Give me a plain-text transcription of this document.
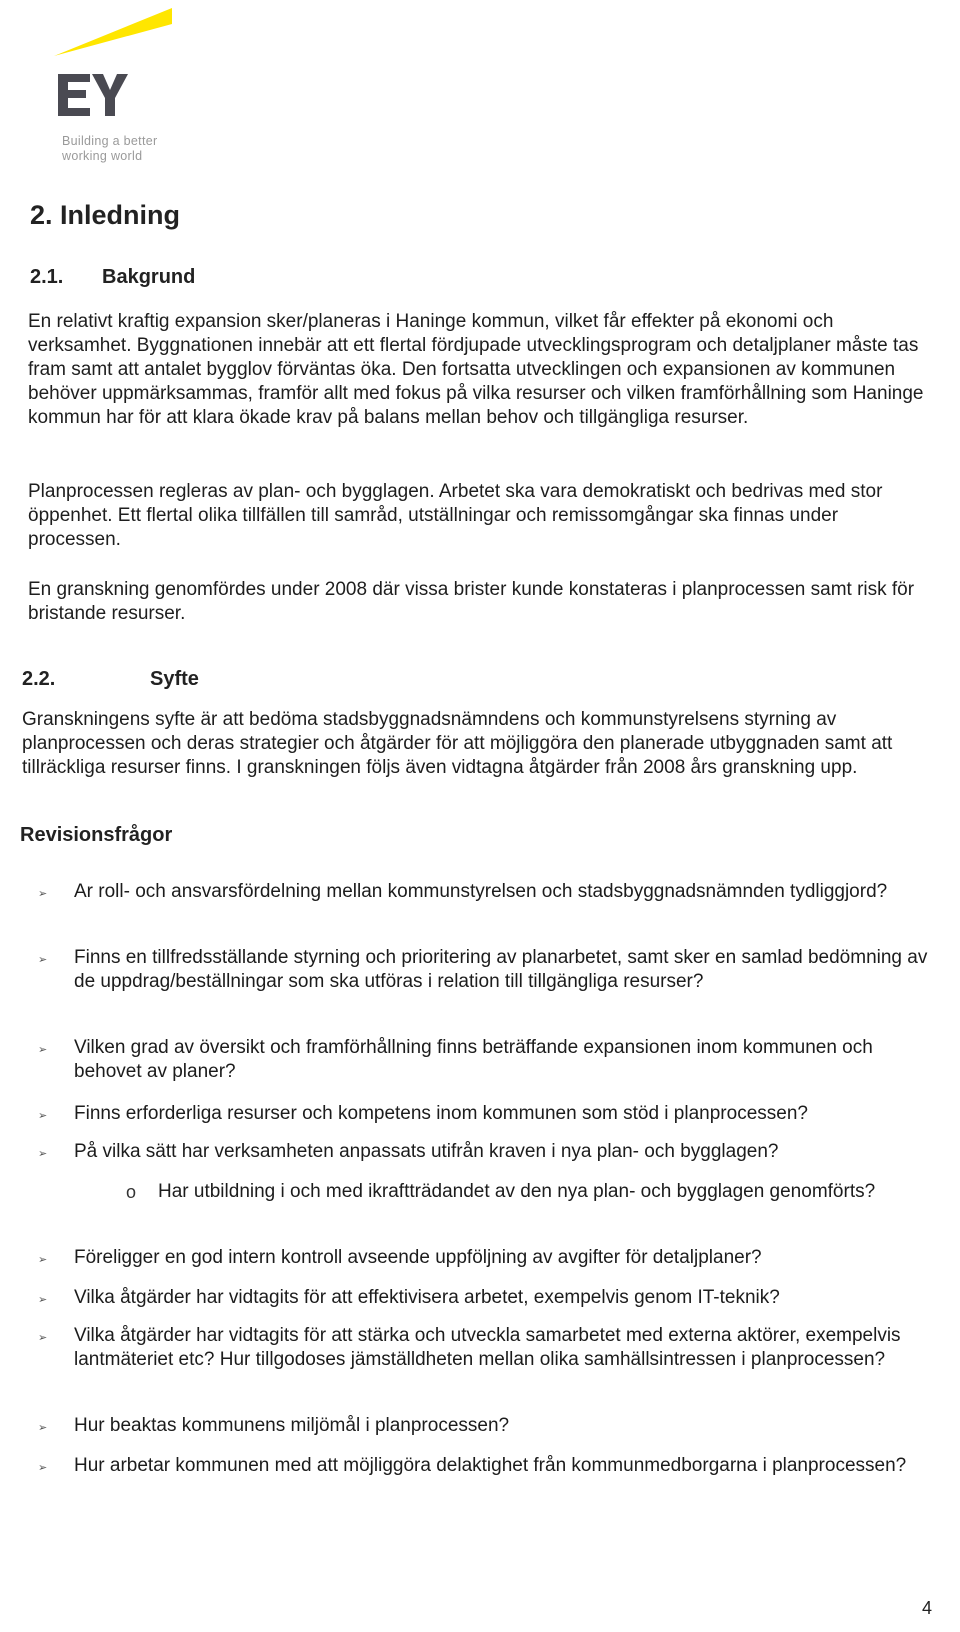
Building a better
working world
2. Inledning
2.1. Bakgrund

En relativt kraftig expansion sker/planeras i Haninge kommun, vilket får effekter på ekonomi och verksamhet. Byggnationen innebär att ett flertal fördjupade utvecklingsprogram och detaljplaner måste tas fram samt att antalet bygglov förväntas öka. Den fortsatta utvecklingen och expansionen av kommunen behöver uppmärksammas, framför allt med fokus på vilka resurser och vilken framförhållning som Haninge kommun har för att klara ökade krav på balans mellan behov och tillgängliga resurser.

Planprocessen regleras av plan- och bygglagen. Arbetet ska vara demokratiskt och bedrivas med stor öppenhet. Ett flertal olika tillfällen till samråd, utställningar och remissomgångar ska finnas under processen.

En granskning genomfördes under 2008 där vissa brister kunde konstateras i planprocessen samt risk för bristande resurser.

2.2.	Syfte

Granskningens syfte är att bedöma stadsbyggnadsnämndens och kommunstyrelsens styrning av planprocessen och deras strategier och åtgärder för att möjliggöra den planerade utbyggnaden samt att tillräckliga resurser finns. I granskningen följs även vidtagna åtgärder från 2008 års granskning upp.

Revisionsfrågor
➢ Ar roll- och ansvarsfördelning mellan kommunstyrelsen och stadsbyggnadsnämnden tydliggjord?
➢ Finns en tillfredsställande styrning och prioritering av planarbetet, samt sker en samlad bedömning av de uppdrag/beställningar som ska utföras i relation till tillgängliga resurser?
➢ Vilken grad av översikt och framförhållning finns beträffande expansionen inom kommunen och behovet av planer?
➢ Finns erforderliga resurser och kompetens inom kommunen som stöd i planprocessen?
➢ På vilka sätt har verksamheten anpassats utifrån kraven i nya plan- och bygglagen?
o Har utbildning i och med ikraftträdandet av den nya plan- och bygglagen genomförts?
➢ Föreligger en god intern kontroll avseende uppföljning av avgifter för detaljplaner?
➢ Vilka åtgärder har vidtagits för att effektivisera arbetet, exempelvis genom IT-teknik?
➢ Vilka åtgärder har vidtagits för att stärka och utveckla samarbetet med externa aktörer, exempelvis lantmäteriet etc? Hur tillgodoses jämställdheten mellan olika samhällsintressen i planprocessen?
➢ Hur beaktas kommunens miljömål i planprocessen?
➢ Hur arbetar kommunen med att möjliggöra delaktighet från kommunmedborgarna i planprocessen?
4
